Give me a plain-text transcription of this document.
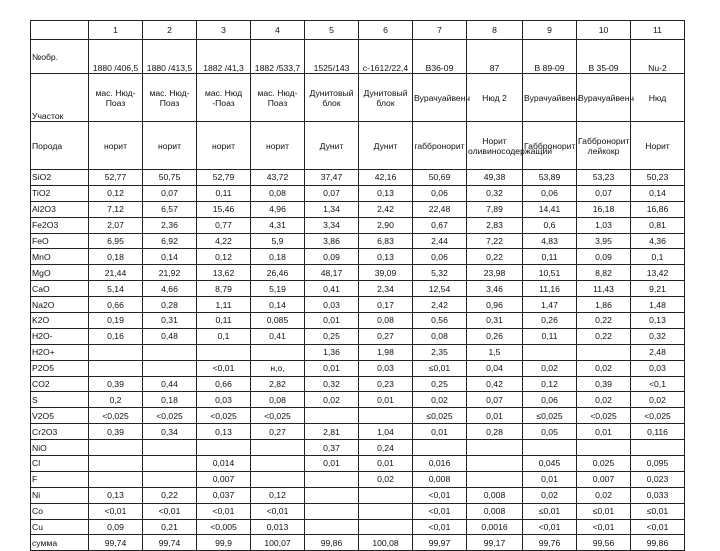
	1	2	3	4	5	6	7	8	9	10	11
№обр.	1880 /406,5	1880 /413,5	1882 /41,3	1882 /533,7	1525/143	с-1612/22,4	В36-09	87	В 89-09	В 35-09	Nu-2
Участок	мас. Нюд-Поаз	мас. Нюд-Поаз	мас. Нюд -Поаз	мас. Нюд-Поаз	Дунитовый блок	Дунитовый блок	Вурачуайвенч	Нюд 2	Вурачуайвенч	Вурачуайвенч	Нюд
Порода	норит	норит	норит	норит	Дунит	Дунит	габбронорит	Норит оливиносодержащий	Габбронорит	Габбронорит лейкокр	Норит
SiO2	52,77	50,75	52,79	43,72	37,47	42,16	50,69	49,38	53,89	53,23	50,23
TiO2	0,12	0,07	0,11	0,08	0,07	0,13	0,06	0,32	0,06	0,07	0,14
Al2O3	7,12	6,57	15,46	4,96	1,34	2,42	22,48	7,89	14,41	16,18	16,86
Fe2O3	2,07	2,36	0,77	4,31	3,34	2,90	0,67	2,83	0,6	1,03	0,81
FeO	6,95	6,92	4,22	5,9	3,86	6,83	2,44	7,22	4,83	3,95	4,36
MnO	0,18	0,14	0,12	0,18	0,09	0,13	0,06	0,22	0,11	0,09	0,1
MgO	21,44	21,92	13,62	26,46	48,17	39,09	5,32	23,98	10,51	8,82	13,42
CaO	5,14	4,66	8,79	5,19	0,41	2,34	12,54	3,46	11,16	11,43	9,21
Na2O	0,66	0,28	1,11	0,14	0,03	0,17	2,42	0,96	1,47	1,86	1,48
K2O	0,19	0,31	0,11	0,085	0,01	0,08	0,56	0,31	0,26	0,22	0,13
H2O-	0,16	0,48	0,1	0,41	0,25	0,27	0,08	0,26	0,11	0,22	0,32
H2O+					1,36	1,98	2,35	1,5			2,48
P2O5			<0,01	н,о,	0,01	0,03	≤0,01	0,04	0,02	0,02	0,03
CO2	0,39	0,44	0,66	2,82	0,32	0,23	0,25	0,42	0,12	0,39	<0,1
S	0,2	0,18	0,03	0,08	0,02	0,01	0,02	0,07	0,06	0,02	0,02
V2O5	<0,025	<0,025	<0,025	<0,025			≤0,025	0,01	≤0,025	<0,025	<0,025
Cr2O3	0,39	0,34	0,13	0,27	2,81	1,04	0,01	0,28	0,05	0,01	0,116
NiO					0,37	0,24					
Cl			0,014		0,01	0,01	0,016		0,045	0,025	0,095
F			0,007			0,02	0,008		0,01	0,007	0,023
Ni	0,13	0,22	0,037	0,12			<0,01	0,008	0,02	0,02	0,033
Co	<0,01	<0,01	<0,01	<0,01			<0,01	0,008	≤0,01	≤0,01	≤0,01
Cu	0,09	0,21	<0,005	0,013			<0,01	0,0016	<0,01	<0,01	<0,01
сумма	99,74	99,74	99,9	100,07	99,86	100,08	99,97	99,17	99,76	99,56	99,86
